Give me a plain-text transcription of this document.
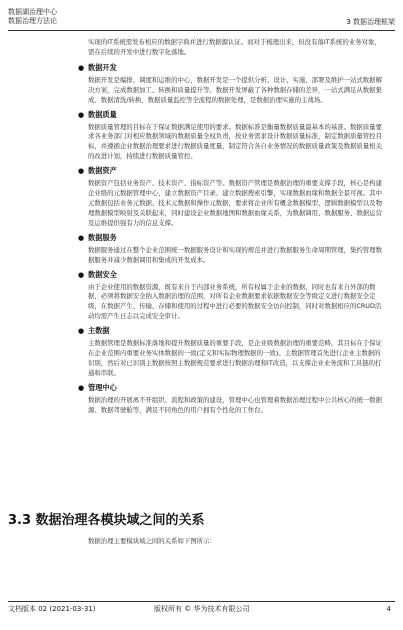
数据湖治理中心
数据治理方法论	3 数据治理框架

实现的IT系统需发布相应的数据字典并进行数据源认证。而对于梳理出来，但没有落IT系统的业务对象，需在后续的开发中进行数字化落地。

● 数据开发

数据开发是编排、调度和运维的中心，数据开发是一个提供分析、设计、实施、部署及维护一站式数据解决方案，完成数据加工、转换和质量提升等。数据开发屏蔽了各种数据存储的差异，一站式满足从数据集成、数据清洗/转换、数据质量监控等全流程的数据处理，是数据治理实施的主战场。

● 数据质量

数据质量管理的目标在于保证数据满足使用的要求。数据标准是衡量数据质量最基本的基准。数据质量要求各业务部门对相应数据领域的数据质量全权负责，按业务需求设计数据质量标准，制定数据质量管控目标，并遵循企业数据治理要求进行数据质量度量，制定符合各自业务情况的数据质量政策及数据质量相关的改进计划，持续进行数据质量管控。

● 数据资产

数据资产包括业务资产、技术资产、指标资产等。数据资产管理是数据治理的重要支撑手段，核心是构建企业级的元数据管理中心，建立数据资产目录、建立数据搜索引擎，实现数据血缘和数据全景可视。其中元数据包括业务元数据、技术元数据和操作元数据，要求将企业所有概念数据模型、逻辑数据模型以及物理数据模型映射及关联起来，同时建设企业数据地图和数据血缘关系，为数据调用、数据服务、数据运营及运维提供强有力的信息支撑。

● 数据服务

数据服务通过在整个企业范围统一数据服务设计和实现的规范并进行数据服务生命周期管理，集约管理数据服务并减少数据调用和集成的开发成本。

● 数据安全

由于企业使用的数据资源，既有来自于内部业务系统，所有权属于企业的数据，同时也有来自外部的数据，必须将数据安全纳入数据治理的范围，对所有企业数据要求依据数据安全等级定义进行数据安全定级，在数据产生、传输、存储和使用的过程中进行必要的数据安全访问控制，同时对数据相应的CRUD活动均需产生日志以完成安全审计。

● 主数据

主数据管理是数据标准落地和提升数据质量的重要手段，是企业级数据治理的重要范畴，其目标在于保证在企业范围内重要业务实体数据的一致(定义和实际物理数据的一致)。主数据管理首先进行企业主数据的识别，然后对已识别主数据按照主数据规范要求进行数据治理和IT改造，以支撑企业业务流和工具链的打通和串联。

● 管理中心

数据治理的开展离不开组织、流程和政策的建设，管理中心也管理着数据治理过程中公共核心的统一数据源、数据驾驶舱等，满足不同角色的用户拥有个性化的工作台。

3.3 数据治理各模块域之间的关系
数据治理主要模块域之间的关系如下图所示：
文档版本 02 (2021-03-31)	版权所有 © 华为技术有限公司	4
